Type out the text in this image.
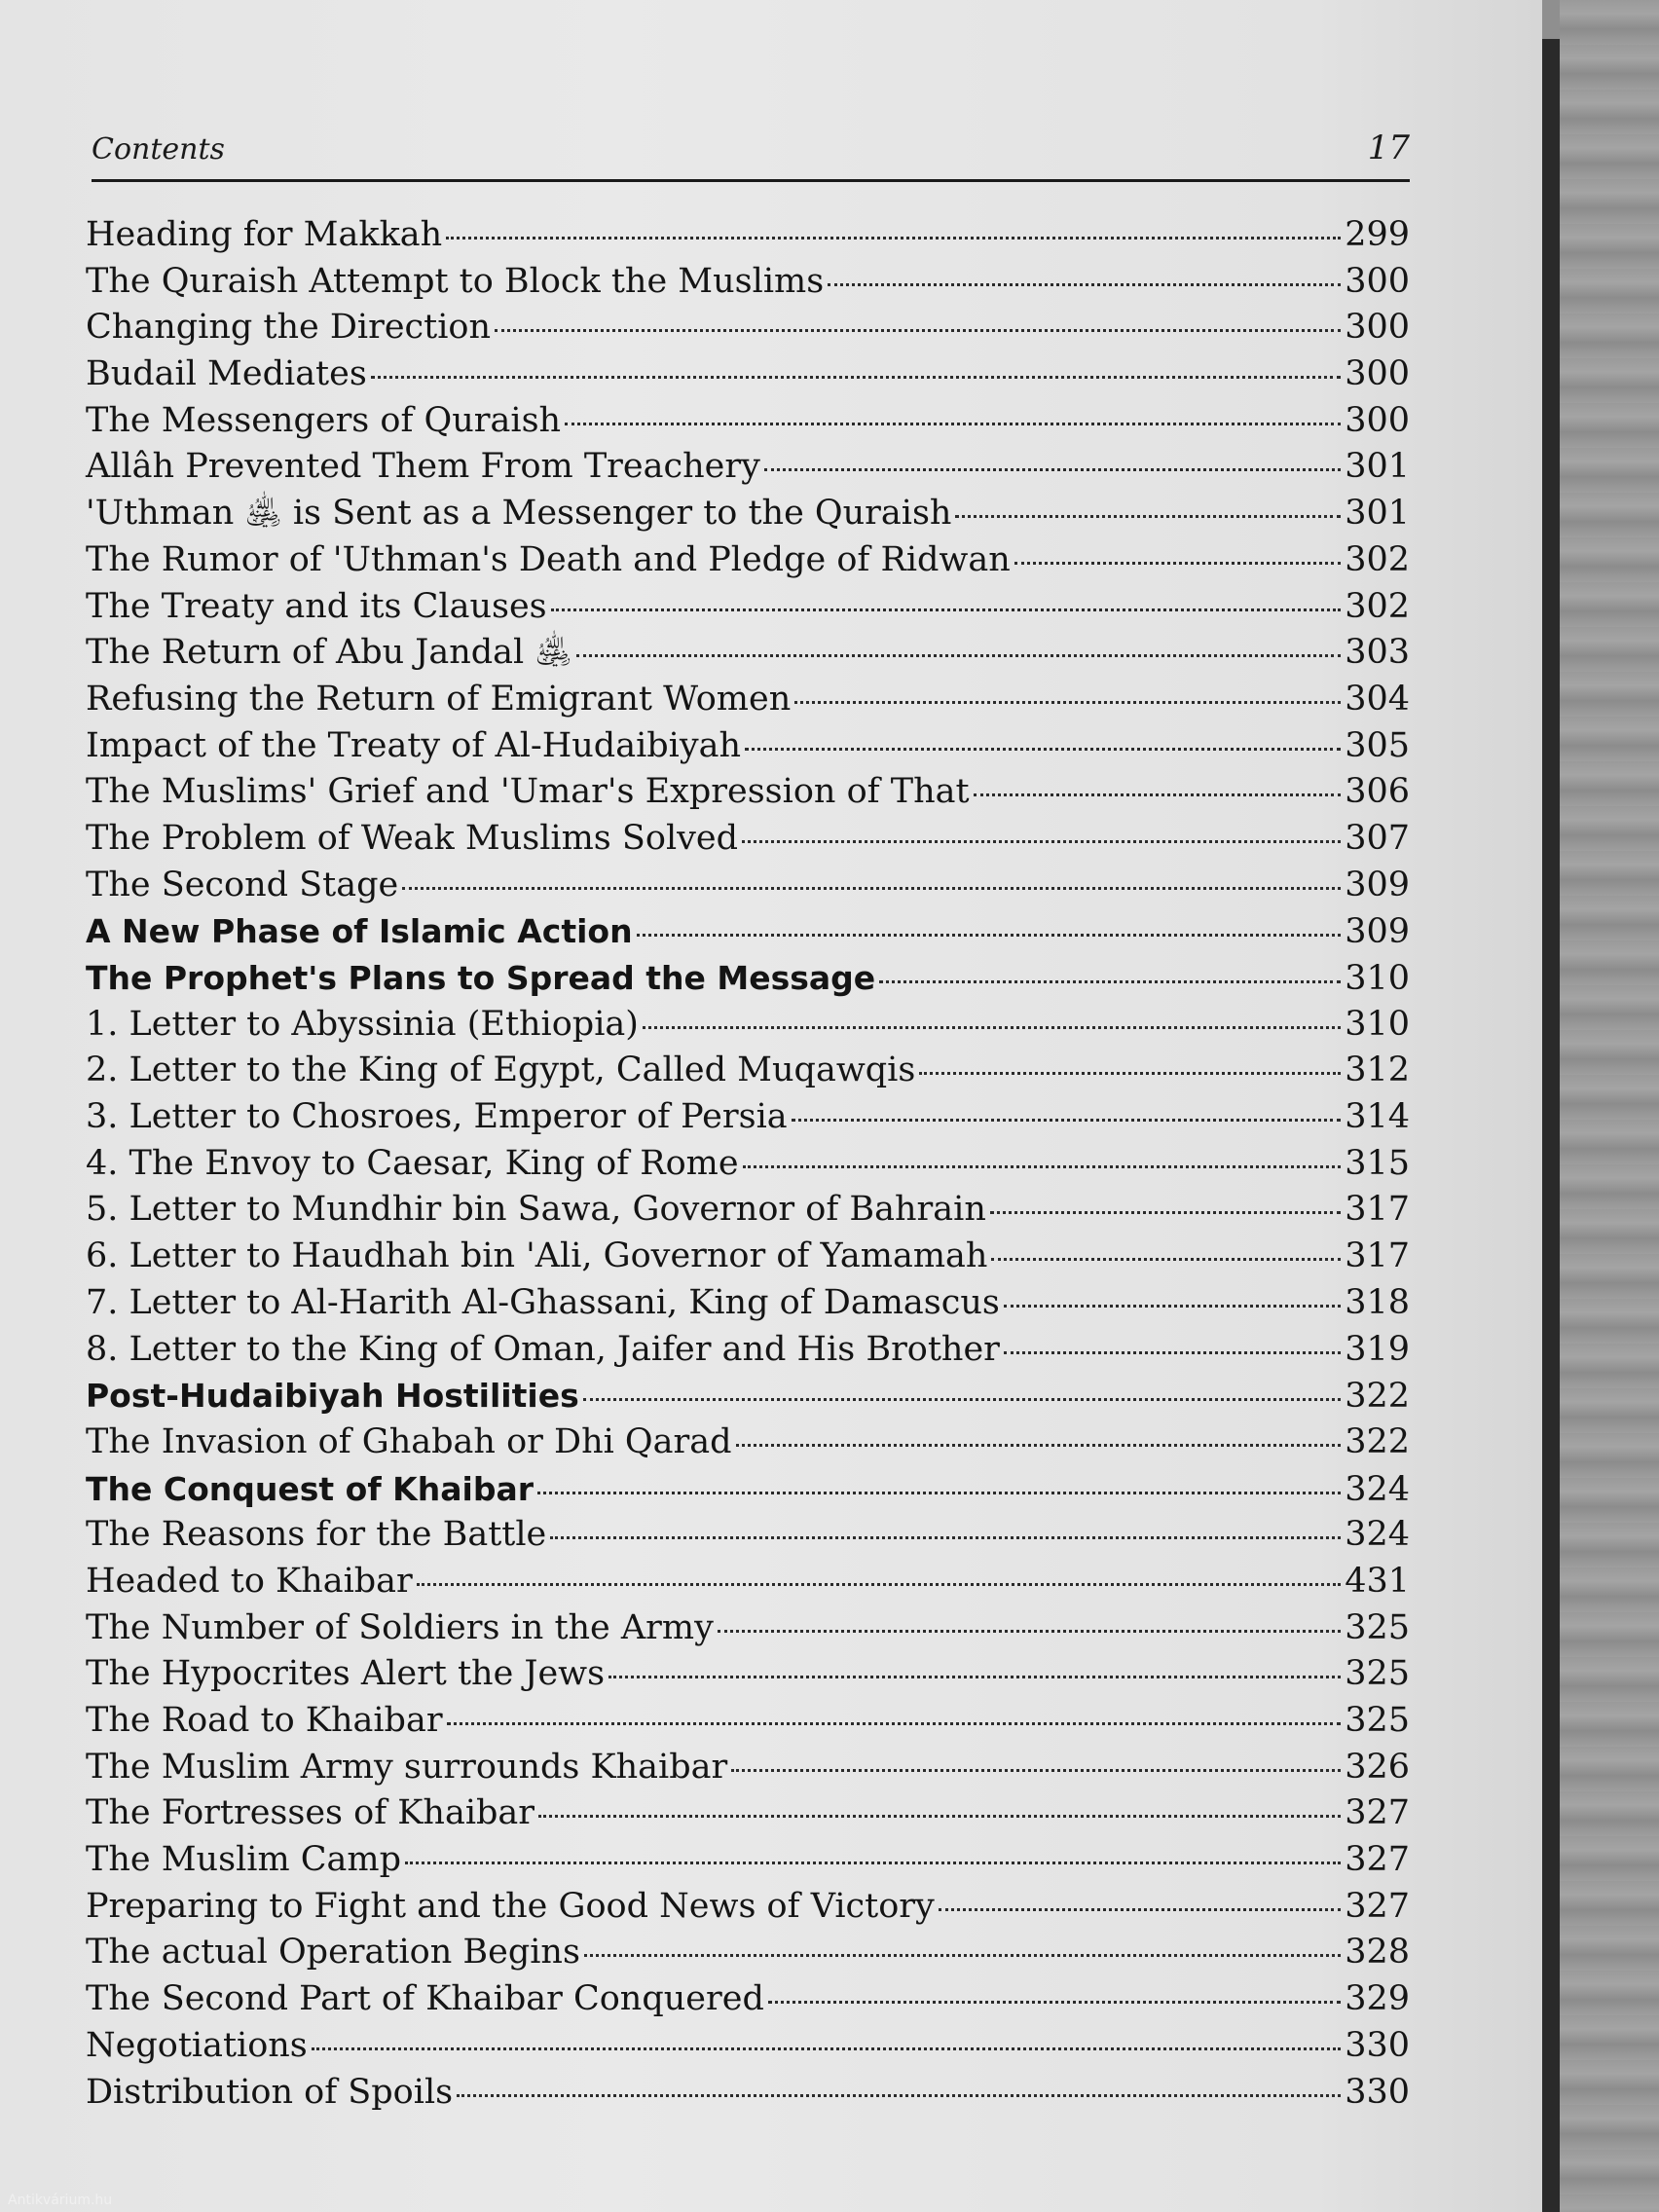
Contents	17
Heading for Makkah	299
The Quraish Attempt to Block the Muslims	300
Changing the Direction	300
Budail Mediates	300
The Messengers of Quraish	300
Allâh Prevented Them From Treachery	301
'Uthman ﵁ is Sent as a Messenger to the Quraish	301
The Rumor of 'Uthman's Death and Pledge of Ridwan	302
The Treaty and its Clauses	302
The Return of Abu Jandal ﵁	303
Refusing the Return of Emigrant Women	304
Impact of the Treaty of Al-Hudaibiyah	305
The Muslims' Grief and 'Umar's Expression of That	306
The Problem of Weak Muslims Solved	307
The Second Stage	309
A New Phase of Islamic Action	309
The Prophet's Plans to Spread the Message	310
1. Letter to Abyssinia (Ethiopia)	310
2. Letter to the King of Egypt, Called Muqawqis	312
3. Letter to Chosroes, Emperor of Persia	314
4. The Envoy to Caesar, King of Rome	315
5. Letter to Mundhir bin Sawa, Governor of Bahrain	317
6. Letter to Haudhah bin 'Ali, Governor of Yamamah	317
7. Letter to Al-Harith Al-Ghassani, King of Damascus	318
8. Letter to the King of Oman, Jaifer and His Brother	319
Post-Hudaibiyah Hostilities	322
The Invasion of Ghabah or Dhi Qarad	322
The Conquest of Khaibar	324
The Reasons for the Battle	324
Headed to Khaibar	431
The Number of Soldiers in the Army	325
The Hypocrites Alert the Jews	325
The Road to Khaibar	325
The Muslim Army surrounds Khaibar	326
The Fortresses of Khaibar	327
The Muslim Camp	327
Preparing to Fight and the Good News of Victory	327
The actual Operation Begins	328
The Second Part of Khaibar Conquered	329
Negotiations	330
Distribution of Spoils	330
Antikvárium.hu
